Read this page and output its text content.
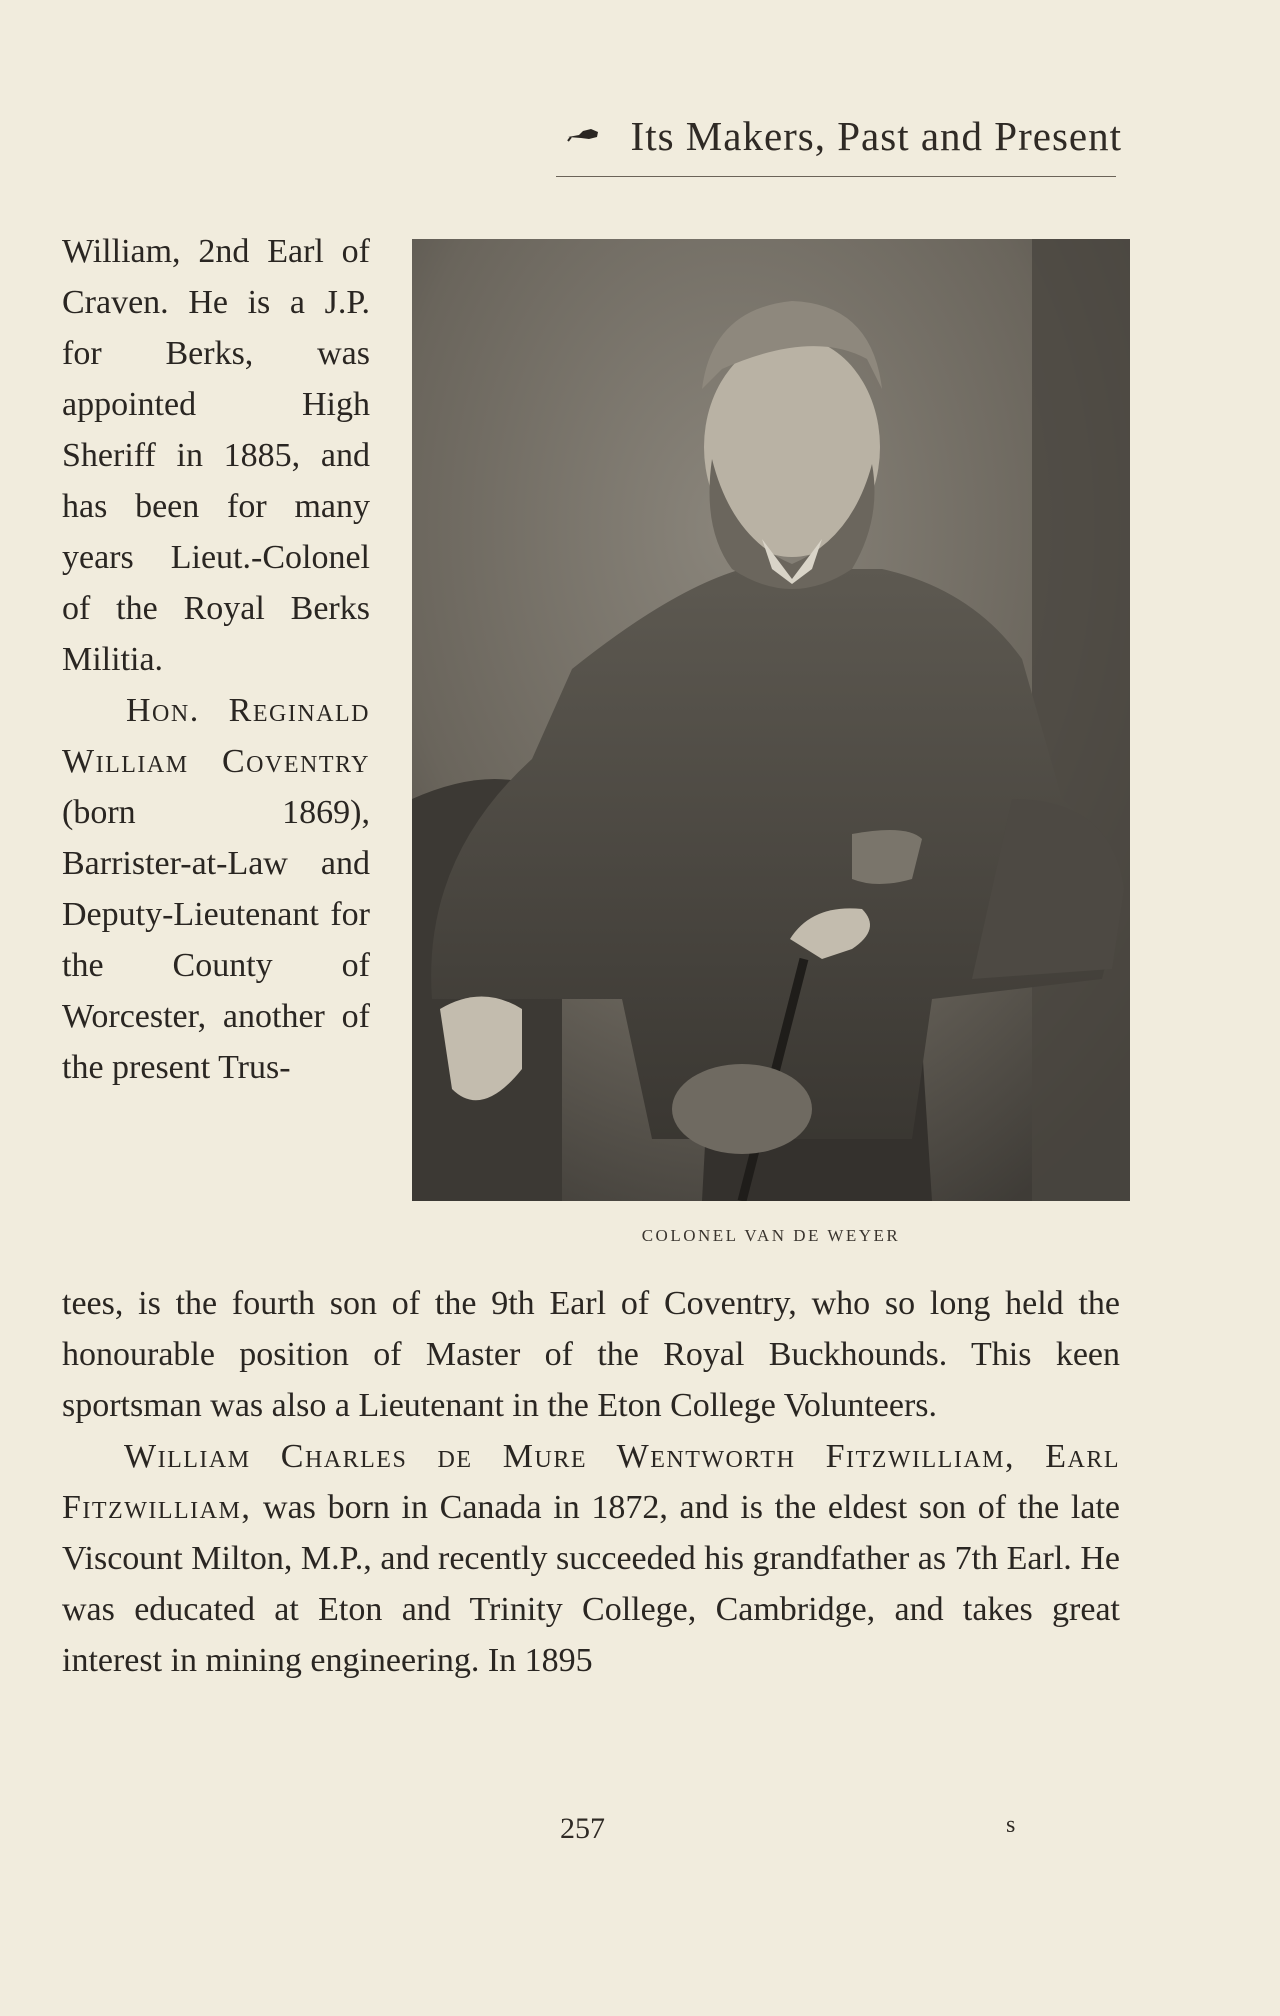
Its Makers, Past and Present

William, 2nd Earl of Craven. He is a J.P. for Berks, was appointed High Sheriff in 1885, and has been for many years Lieut.-Colonel of the Royal Berks Militia.

Hon. Reginald William Coventry (born 1869), Barrister-at-Law and Deputy-Lieutenant for the County of Worcester, another of the present Trus-

COLONEL VAN DE WEYER

tees, is the fourth son of the 9th Earl of Coventry, who so long held the honourable position of Master of the Royal Buckhounds. This keen sportsman was also a Lieutenant in the Eton College Volunteers.

William Charles de Mure Wentworth Fitzwilliam, Earl Fitzwilliam, was born in Canada in 1872, and is the eldest son of the late Viscount Milton, M.P., and recently succeeded his grandfather as 7th Earl. He was educated at Eton and Trinity College, Cambridge, and takes great interest in mining engineering. In 1895

257	s
